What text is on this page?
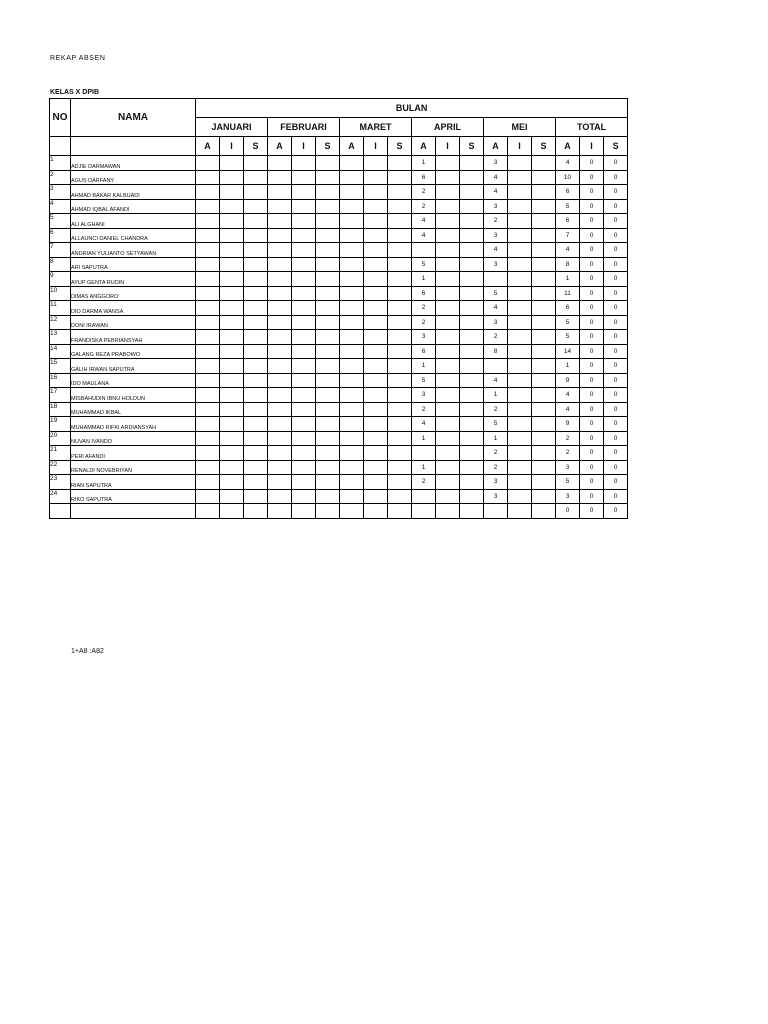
REKAP ABSEN
KELAS X DPIB
NO	NAMA	BULAN																	
		JANUARI			FEBRUARI			MARET			APRIL			MEI			TOTAL		
		A	I	S	A	I	S	A	I	S	A	I	S	A	I	S	A	I	S
1	ADJIE DARMAWAN										1			3			4	0	0
2	AGUS DARFANY										6			4			10	0	0
3	AHMAD BAKAR KALBUADI										2			4			6	0	0
4	AHMAD IQBAL AFANDI										2			3			5	0	0
5	ALI ALGHANI										4			2			6	0	0
6	ALLAUNCI DANIEL CHANDRA										4			3			7	0	0
7	ANDRIAN YULIANTO SETYAWAN													4			4	0	0
8	ARI SAPUTRA										5			3			8	0	0
9	AYUP GENTA RUDIN										1						1	0	0
10	DIMAS ANGGORO										6			5			11	0	0
11	DIO DARMA WANSA										2			4			6	0	0
12	DONI IRAWAN										2			3			5	0	0
13	FRANDISKA PEBRIANSYAH										3			2			5	0	0
14	GALANG REZA PRABOWO										6			8			14	0	0
15	GALIH IRWAN SAPUTRA										1						1	0	0
16	IDO MAULANA										5			4			9	0	0
17	MISBAHUDIN IBNU HOLDUN										3			1			4	0	0
18	MUHAMMAD IKBAL										2			2			4	0	0
19	MUHAMMAD RIFKI ARDIANSYAH										4			5			9	0	0
20	NUVAN IVANDO										1			1			2	0	0
21	PERI AFANDI													2			2	0	0
22	RENALDI NOVEBRIYAN										1			2			3	0	0
23	RIAN SAPUTRA										2			3			5	0	0
24	RIKO SAPUTRA													3			3	0	0
																	0	0	0
1+A8 :A82
